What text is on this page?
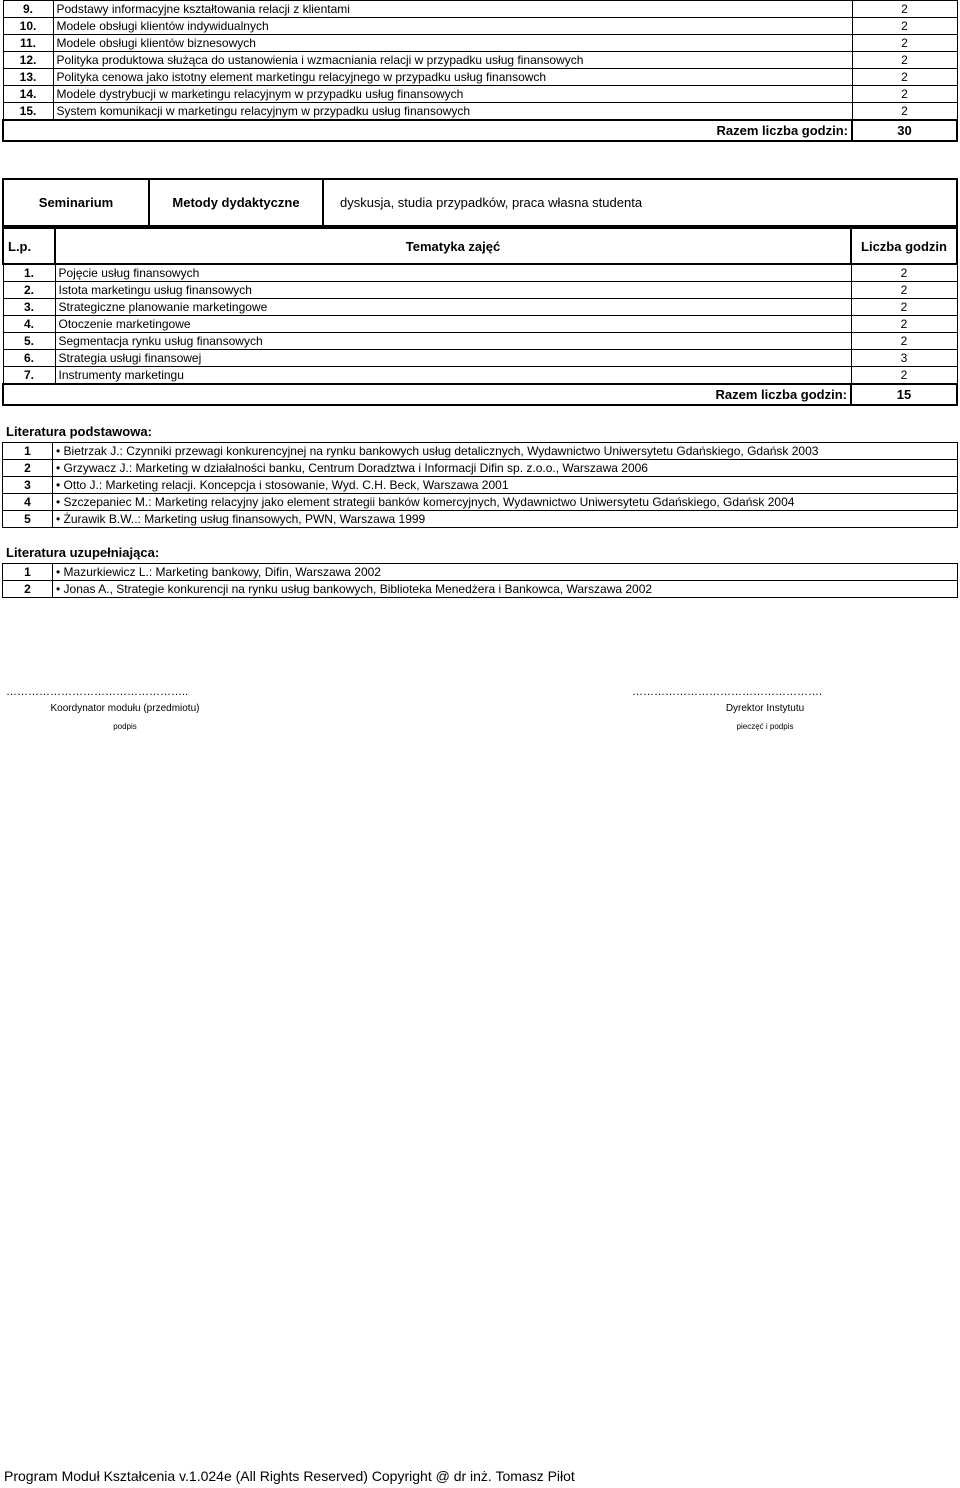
9.	Podstawy informacyjne kształtowania relacji z klientami	2
10.	Modele obsługi klientów indywidualnych	2
11.	Modele obsługi klientów biznesowych	2
12.	Polityka produktowa służąca do ustanowienia i wzmacniania relacji w przypadku usług finansowych	2
13.	Polityka cenowa jako istotny element marketingu relacyjnego w przypadku usług finansowch	2
14.	Modele dystrybucji w marketingu relacyjnym w przypadku usług finansowych	2
15.	System komunikacji w marketingu relacyjnym w przypadku usług finansowych	2
Razem liczba godzin:		30
Seminarium	Metody dydaktyczne	dyskusja, studia przypadków, praca własna studenta
L.p.	Tematyka zajęć	Liczba godzin
1.	Pojęcie usług finansowych	2
2.	Istota marketingu usług finansowych	2
3.	Strategiczne planowanie marketingowe	2
4.	Otoczenie marketingowe	2
5.	Segmentacja rynku usług finansowych	2
6.	Strategia usługi finansowej	3
7.	Instrumenty marketingu	2
Razem liczba godzin:		15
Literatura podstawowa:
1	• Bietrzak J.: Czynniki przewagi konkurencyjnej na rynku bankowych usług detalicznych, Wydawnictwo Uniwersytetu Gdańskiego, Gdańsk 2003
2	• Grzywacz J.: Marketing w działalności banku, Centrum Doradztwa i Informacji Difin sp. z.o.o., Warszawa 2006
3	• Otto J.: Marketing relacji. Koncepcja i stosowanie, Wyd. C.H. Beck, Warszawa 2001
4	• Szczepaniec M.: Marketing relacyjny jako element strategii banków komercyjnych, Wydawnictwo Uniwersytetu Gdańskiego, Gdańsk 2004
5	• Żurawik B.W..: Marketing usług finansowych, PWN, Warszawa 1999
Literatura uzupełniająca:
1	• Mazurkiewicz L.: Marketing bankowy, Difin, Warszawa 2002
2	• Jonas A., Strategie konkurencji na rynku usług bankowych, Biblioteka Menedżera i Bankowca, Warszawa 2002
…………………………………………..
Koordynator modułu (przedmiotu)
podpis
…………………………………………….
Dyrektor Instytutu
pieczęć i podpis
Program Moduł Kształcenia v.1.024e (All Rights Reserved) Copyright @ dr inż. Tomasz Piłot
